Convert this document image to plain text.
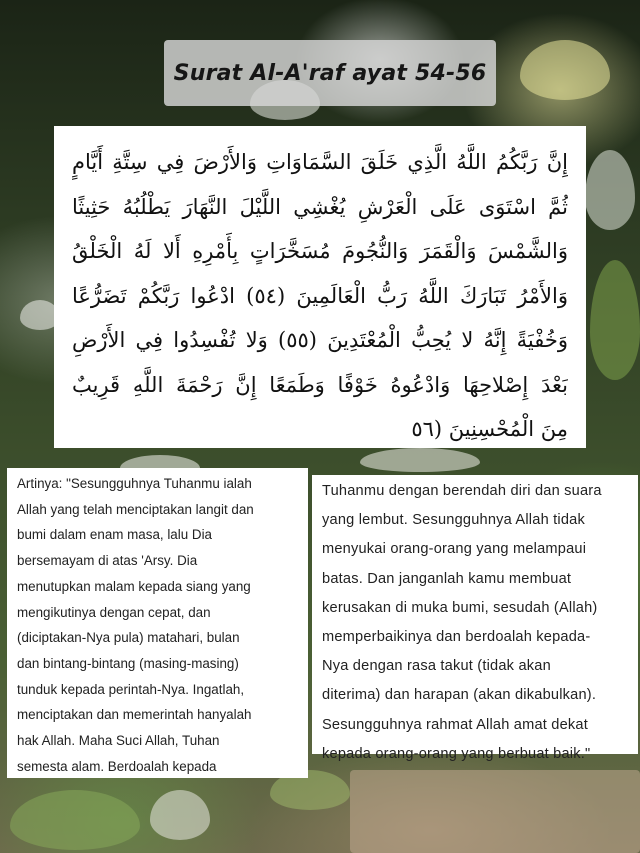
Surat Al-A'raf ayat 54-56
إِنَّ رَبَّكُمُ اللَّهُ الَّذِي خَلَقَ السَّمَاوَاتِ وَالأَرْضَ فِي سِتَّةِ أَيَّامٍ
ثُمَّ اسْتَوَى عَلَى الْعَرْشِ يُغْشِي اللَّيْلَ النَّهَارَ يَطْلُبُهُ حَثِيثًا
وَالشَّمْسَ وَالْقَمَرَ وَالنُّجُومَ مُسَخَّرَاتٍ بِأَمْرِهِ أَلا لَهُ الْخَلْقُ
وَالأَمْرُ تَبَارَكَ اللَّهُ رَبُّ الْعَالَمِينَ (٥٤) ادْعُوا رَبَّكُمْ تَضَرُّعًا
وَخُفْيَةً إِنَّهُ لا يُحِبُّ الْمُعْتَدِينَ (٥٥) وَلا تُفْسِدُوا فِي الأَرْضِ
بَعْدَ إِصْلاحِهَا وَادْعُوهُ خَوْفًا وَطَمَعًا إِنَّ رَحْمَةَ اللَّهِ قَرِيبٌ
مِنَ الْمُحْسِنِينَ (٥٦
Artinya: "Sesungguhnya Tuhanmu ialah
Allah yang telah menciptakan langit dan
bumi dalam enam masa, lalu Dia
bersemayam di atas 'Arsy. Dia
menutupkan malam kepada siang yang
mengikutinya dengan cepat, dan
(diciptakan-Nya pula) matahari, bulan
dan bintang-bintang (masing-masing)
tunduk kepada perintah-Nya. Ingatlah,
menciptakan dan memerintah hanyalah
hak Allah. Maha Suci Allah, Tuhan
semesta alam. Berdoalah kepada
Tuhanmu dengan berendah diri dan suara
yang lembut. Sesungguhnya Allah tidak
menyukai orang-orang yang melampaui
batas. Dan janganlah kamu membuat
kerusakan di muka bumi, sesudah (Allah)
memperbaikinya dan berdoalah kepada-
Nya dengan rasa takut (tidak akan
diterima) dan harapan (akan dikabulkan).
Sesungguhnya rahmat Allah amat dekat
kepada orang-orang yang berbuat baik."
